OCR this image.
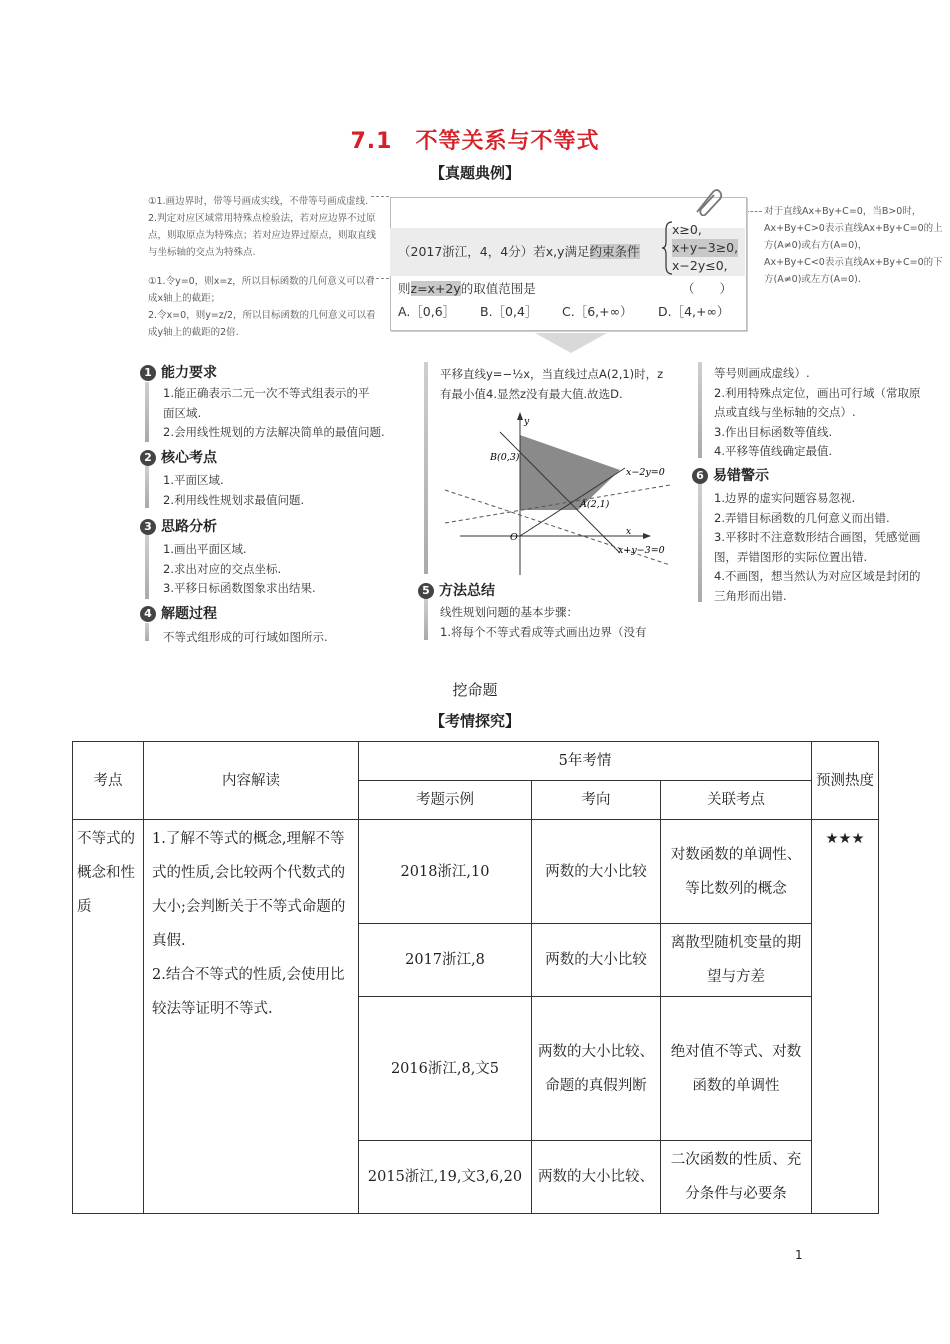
7.1　不等关系与不等式
【真题典例】
①1.画边界时，带等号画成实线，不带等号画成虚线.
2.判定对应区域常用特殊点检验法，若对应边界不过原点，则取原点为特殊点；若对应边界过原点，则取直线与坐标轴的交点为特殊点.
①1.令y=0，则x=z，所以目标函数的几何意义可以看成x轴上的截距；
2.令x=0，则y=z/2，所以目标函数的几何意义可以看成y轴上的截距的2倍.
对于直线Ax+By+C=0，当B>0时，Ax+By+C>0表示直线Ax+By+C=0的上方(A≠0)或右方(A=0)，
Ax+By+C<0表示直线Ax+By+C=0的下方(A≠0)或左方(A=0).
（2017浙江，4，4分）若x,y满足约束条件
x≥0,
x+y−3≥0,
x−2y≤0,
则z=x+2y的取值范围是	（　　）
A.［0,6］ B.［0,4］ C.［6,+∞） D.［4,+∞）
1 能力要求
1.能正确表示二元一次不等式组表示的平
面区域.
2.会用线性规划的方法解决简单的最值问题.
2 核心考点
1.平面区域.
2.利用线性规划求最值问题.
3 思路分析
1.画出平面区域.
2.求出对应的交点坐标.
3.平移日标函数图象求出结果.
4 解题过程
不等式组形成的可行域如图所示.
平移直线y=−½x，当直线过点A(2,1)时，z
有最小值4.显然z没有最大值.故选D.
B(0,3)
A(2,1)
O	x
y
x−2y=0
x+y−3=0
5 方法总结
线性规划问题的基本步骤：
1.将每个不等式看成等式画出边界（没有
等号则画成虚线）.
2.利用特殊点定位，画出可行域（常取原
点或直线与坐标轴的交点）.
3.作出目标函数等值线.
4.平移等值线确定最值.
6 易错警示
1.边界的虚实问题容易忽视.
2.弄错目标函数的几何意义而出错.
3.平移时不注意数形结合画图，凭感觉画
图，弄错图形的实际位置出错.
4.不画图，想当然认为对应区域是封闭的
三角形而出错.
挖命题
【考情探究】
考点	内容解读	5年考情			预测热度
		考题示例	考向	关联考点	
不等式的概念和性质	1.了解不等式的概念,理解不等式的性质,会比较两个代数式的大小;会判断关于不等式命题的真假.
2.结合不等式的性质,会使用比较法等证明不等式.	2018浙江,10	两数的大小比较	对数函数的单调性、等比数列的概念	★★★
		2017浙江,8	两数的大小比较	离散型随机变量的期望与方差	
		2016浙江,8,文5	两数的大小比较、命题的真假判断	绝对值不等式、对数函数的单调性	
		2015浙江,19,文3,6,20	两数的大小比较、	二次函数的性质、充分条件与必要条	
1
